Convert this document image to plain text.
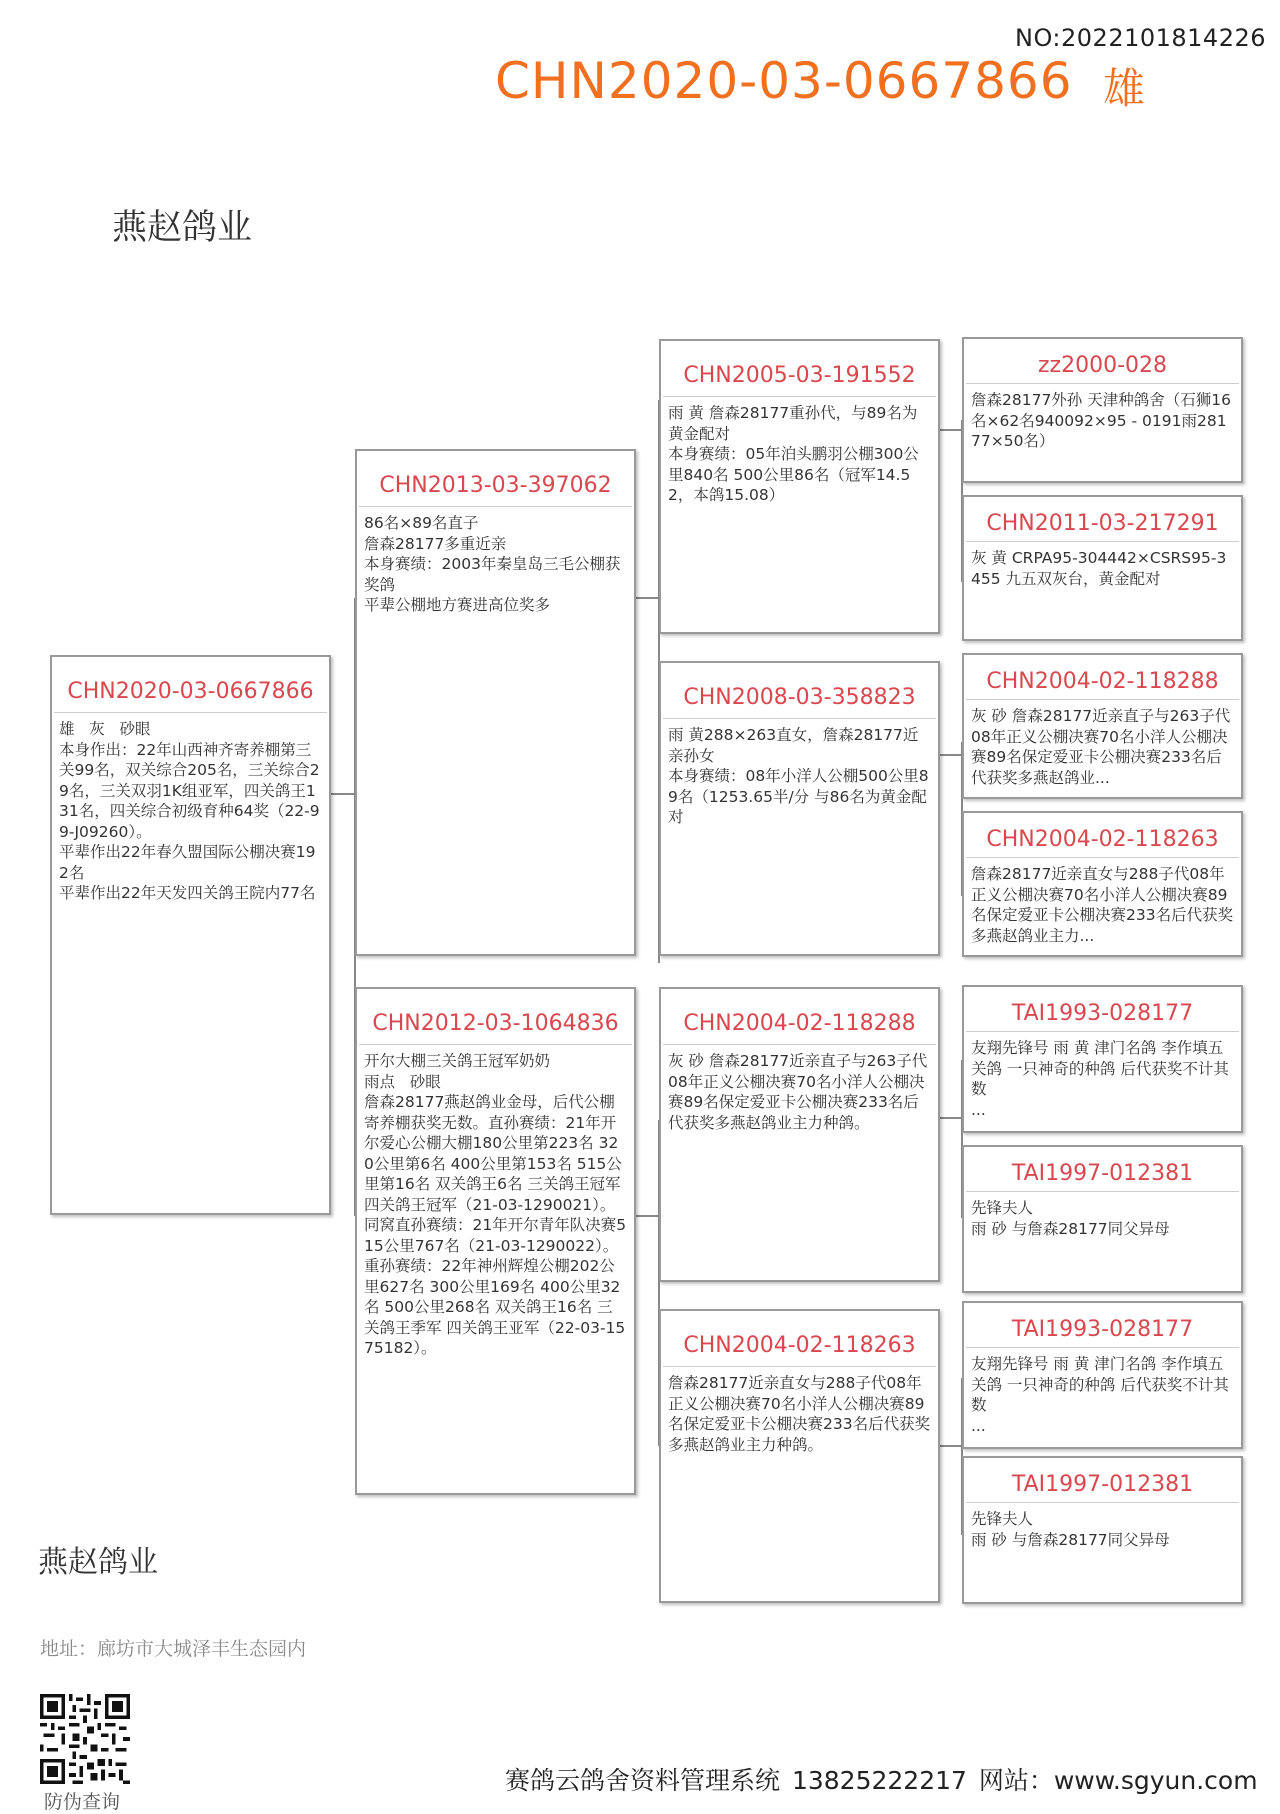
NO:2022101814226
CHN2020-03-0667866 雄
燕赵鸽业
CHN2020-03-0667866
雄   灰   砂眼
本身作出：22年山西神齐寄养棚第三关99名，双关综合205名，三关综合29名，三关双羽1K组亚军，四关鸽王131名，四关综合初级育种64奖（22-99-J09260）。
平辈作出22年春久盟国际公棚决赛192名
平辈作出22年天发四关鸽王院内77名
CHN2013-03-397062
86名×89名直子
詹森28177多重近亲
本身赛绩：2003年秦皇岛三毛公棚获奖鸽
平辈公棚地方赛进高位奖多
CHN2012-03-1064836
开尔大棚三关鸽王冠军奶奶
雨点   砂眼
詹森28177燕赵鸽业金母，后代公棚寄养棚获奖无数。直孙赛绩：21年开尔爱心公棚大棚180公里第223名 320公里第6名 400公里第153名 515公里第16名 双关鸽王6名 三关鸽王冠军 四关鸽王冠军（21-03-1290021）。同窝直孙赛绩：21年开尔青年队决赛515公里767名（21-03-1290022）。重孙赛绩：22年神州辉煌公棚202公里627名 300公里169名 400公里32名 500公里268名 双关鸽王16名 三关鸽王季军 四关鸽王亚军（22-03-1575182）。
CHN2005-03-191552
雨 黄 詹森28177重孙代，与89名为黄金配对
本身赛绩：05年泊头鹏羽公棚300公里840名 500公里86名（冠军14.52，本鸽15.08）
CHN2008-03-358823
雨 黄288×263直女，詹森28177近亲孙女
本身赛绩：08年小洋人公棚500公里89名（1253.65半/分 与86名为黄金配对
CHN2004-02-118288
灰 砂 詹森28177近亲直子与263子代08年正义公棚决赛70名小洋人公棚决赛89名保定爱亚卡公棚决赛233名后代获奖多燕赵鸽业主力种鸽。
CHN2004-02-118263
詹森28177近亲直女与288子代08年正义公棚决赛70名小洋人公棚决赛89名保定爱亚卡公棚决赛233名后代获奖多燕赵鸽业主力种鸽。
zz2000-028
詹森28177外孙 天津种鸽舍（石狮16名×62名940092×95 - 0191雨28177×50名）
CHN2011-03-217291
灰 黄 CRPA95-304442×CSRS95-3455 九五双灰台，黄金配对
CHN2004-02-118288
灰 砂 詹森28177近亲直子与263子代08年正义公棚决赛70名小洋人公棚决赛89名保定爱亚卡公棚决赛233名后代获奖多燕赵鸽业...
CHN2004-02-118263
詹森28177近亲直女与288子代08年正义公棚决赛70名小洋人公棚决赛89名保定爱亚卡公棚决赛233名后代获奖多燕赵鸽业主力...
TAI1993-028177
友翔先锋号 雨 黄 津门名鸽 李作填五关鸽 一只神奇的种鸽 后代获奖不计其数
...
TAI1997-012381
先锋夫人
雨 砂 与詹森28177同父异母
TAI1993-028177
友翔先锋号 雨 黄 津门名鸽 李作填五关鸽 一只神奇的种鸽 后代获奖不计其数
...
TAI1997-012381
先锋夫人
雨 砂 与詹森28177同父异母
燕赵鸽业
地址：廊坊市大城泽丰生态园内
防伪查询
赛鸽云鸽舍资料管理系统 13825222217 网站：www.sgyun.com
